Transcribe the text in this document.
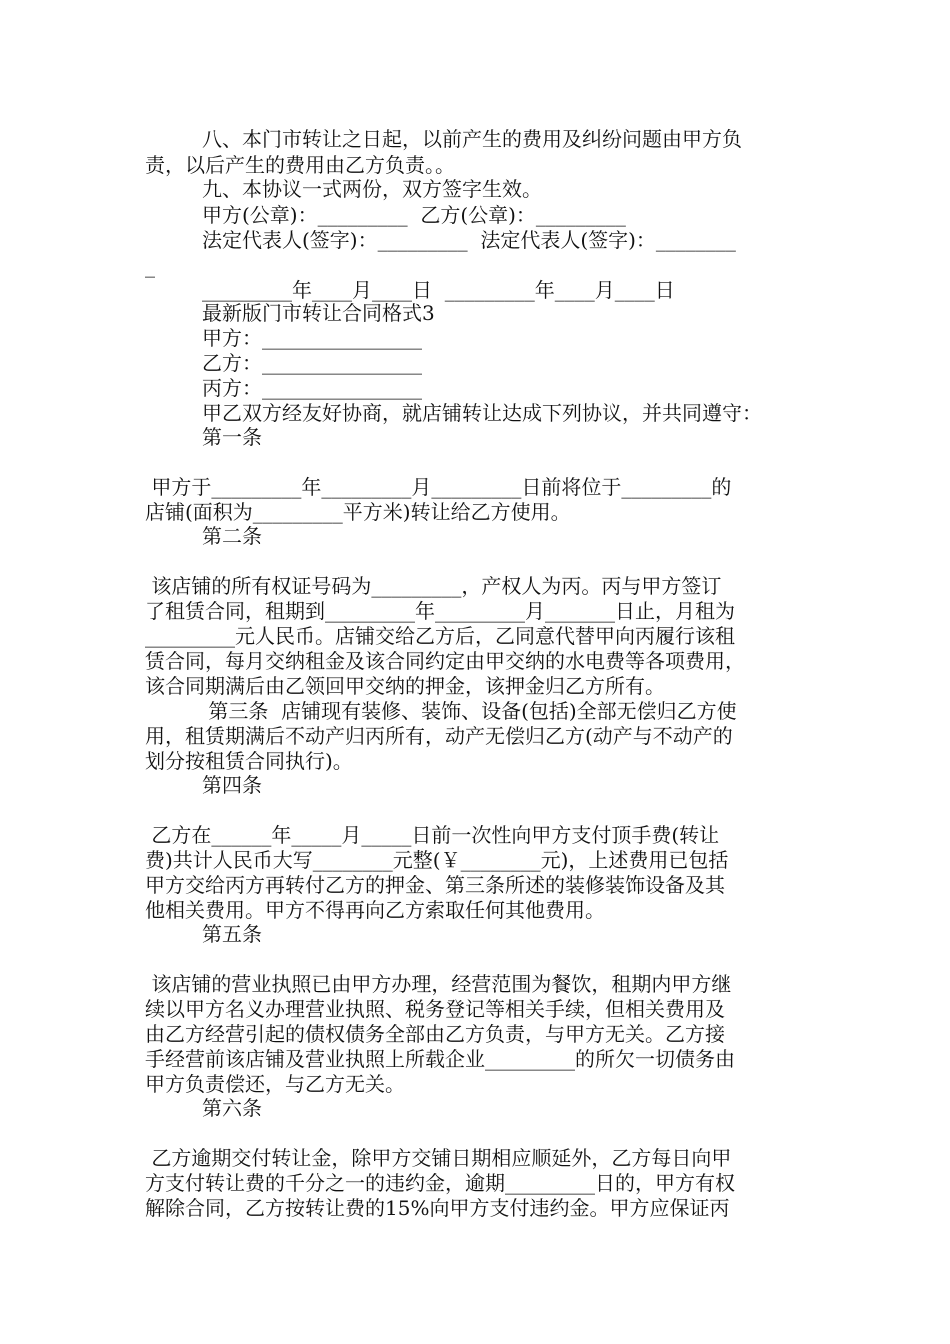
八、本门市转让之日起，以前产生的费用及纠纷问题由甲方负
责，以后产生的费用由乙方负责。。
九、本协议一式两份，双方签字生效。
甲方(公章)：_________  乙方(公章)：_________
法定代表人(签字)：_________  法定代表人(签字)：________
_
_________年____月____日  _________年____月____日
最新版门市转让合同格式3
甲方：________________
乙方：________________
丙方：________________
甲乙双方经友好协商，就店铺转让达成下列协议，并共同遵守：
第一条
甲方于_________年_________月_________日前将位于_________的
店铺(面积为_________平方米)转让给乙方使用。
第二条
该店铺的所有权证号码为_________，产权人为丙。丙与甲方签订
了租赁合同，租期到_________年_________月_______日止，月租为
_________元人民币。店铺交给乙方后，乙同意代替甲向丙履行该租
赁合同，每月交纳租金及该合同约定由甲交纳的水电费等各项费用，
该合同期满后由乙领回甲交纳的押金，该押金归乙方所有。
第三条  店铺现有装修、装饰、设备(包括)全部无偿归乙方使
用，租赁期满后不动产归丙所有，动产无偿归乙方(动产与不动产的
划分按租赁合同执行)。
第四条
乙方在______年_____月_____日前一次性向甲方支付顶手费(转让
费)共计人民币大写________元整(￥________元)，上述费用已包括
甲方交给丙方再转付乙方的押金、第三条所述的装修装饰设备及其
他相关费用。甲方不得再向乙方索取任何其他费用。
第五条
该店铺的营业执照已由甲方办理，经营范围为餐饮，租期内甲方继
续以甲方名义办理营业执照、税务登记等相关手续，但相关费用及
由乙方经营引起的债权债务全部由乙方负责，与甲方无关。乙方接
手经营前该店铺及营业执照上所载企业_________的所欠一切债务由
甲方负责偿还，与乙方无关。
第六条
乙方逾期交付转让金，除甲方交铺日期相应顺延外，乙方每日向甲
方支付转让费的千分之一的违约金，逾期_________日的，甲方有权
解除合同，乙方按转让费的15%向甲方支付违约金。甲方应保证丙
